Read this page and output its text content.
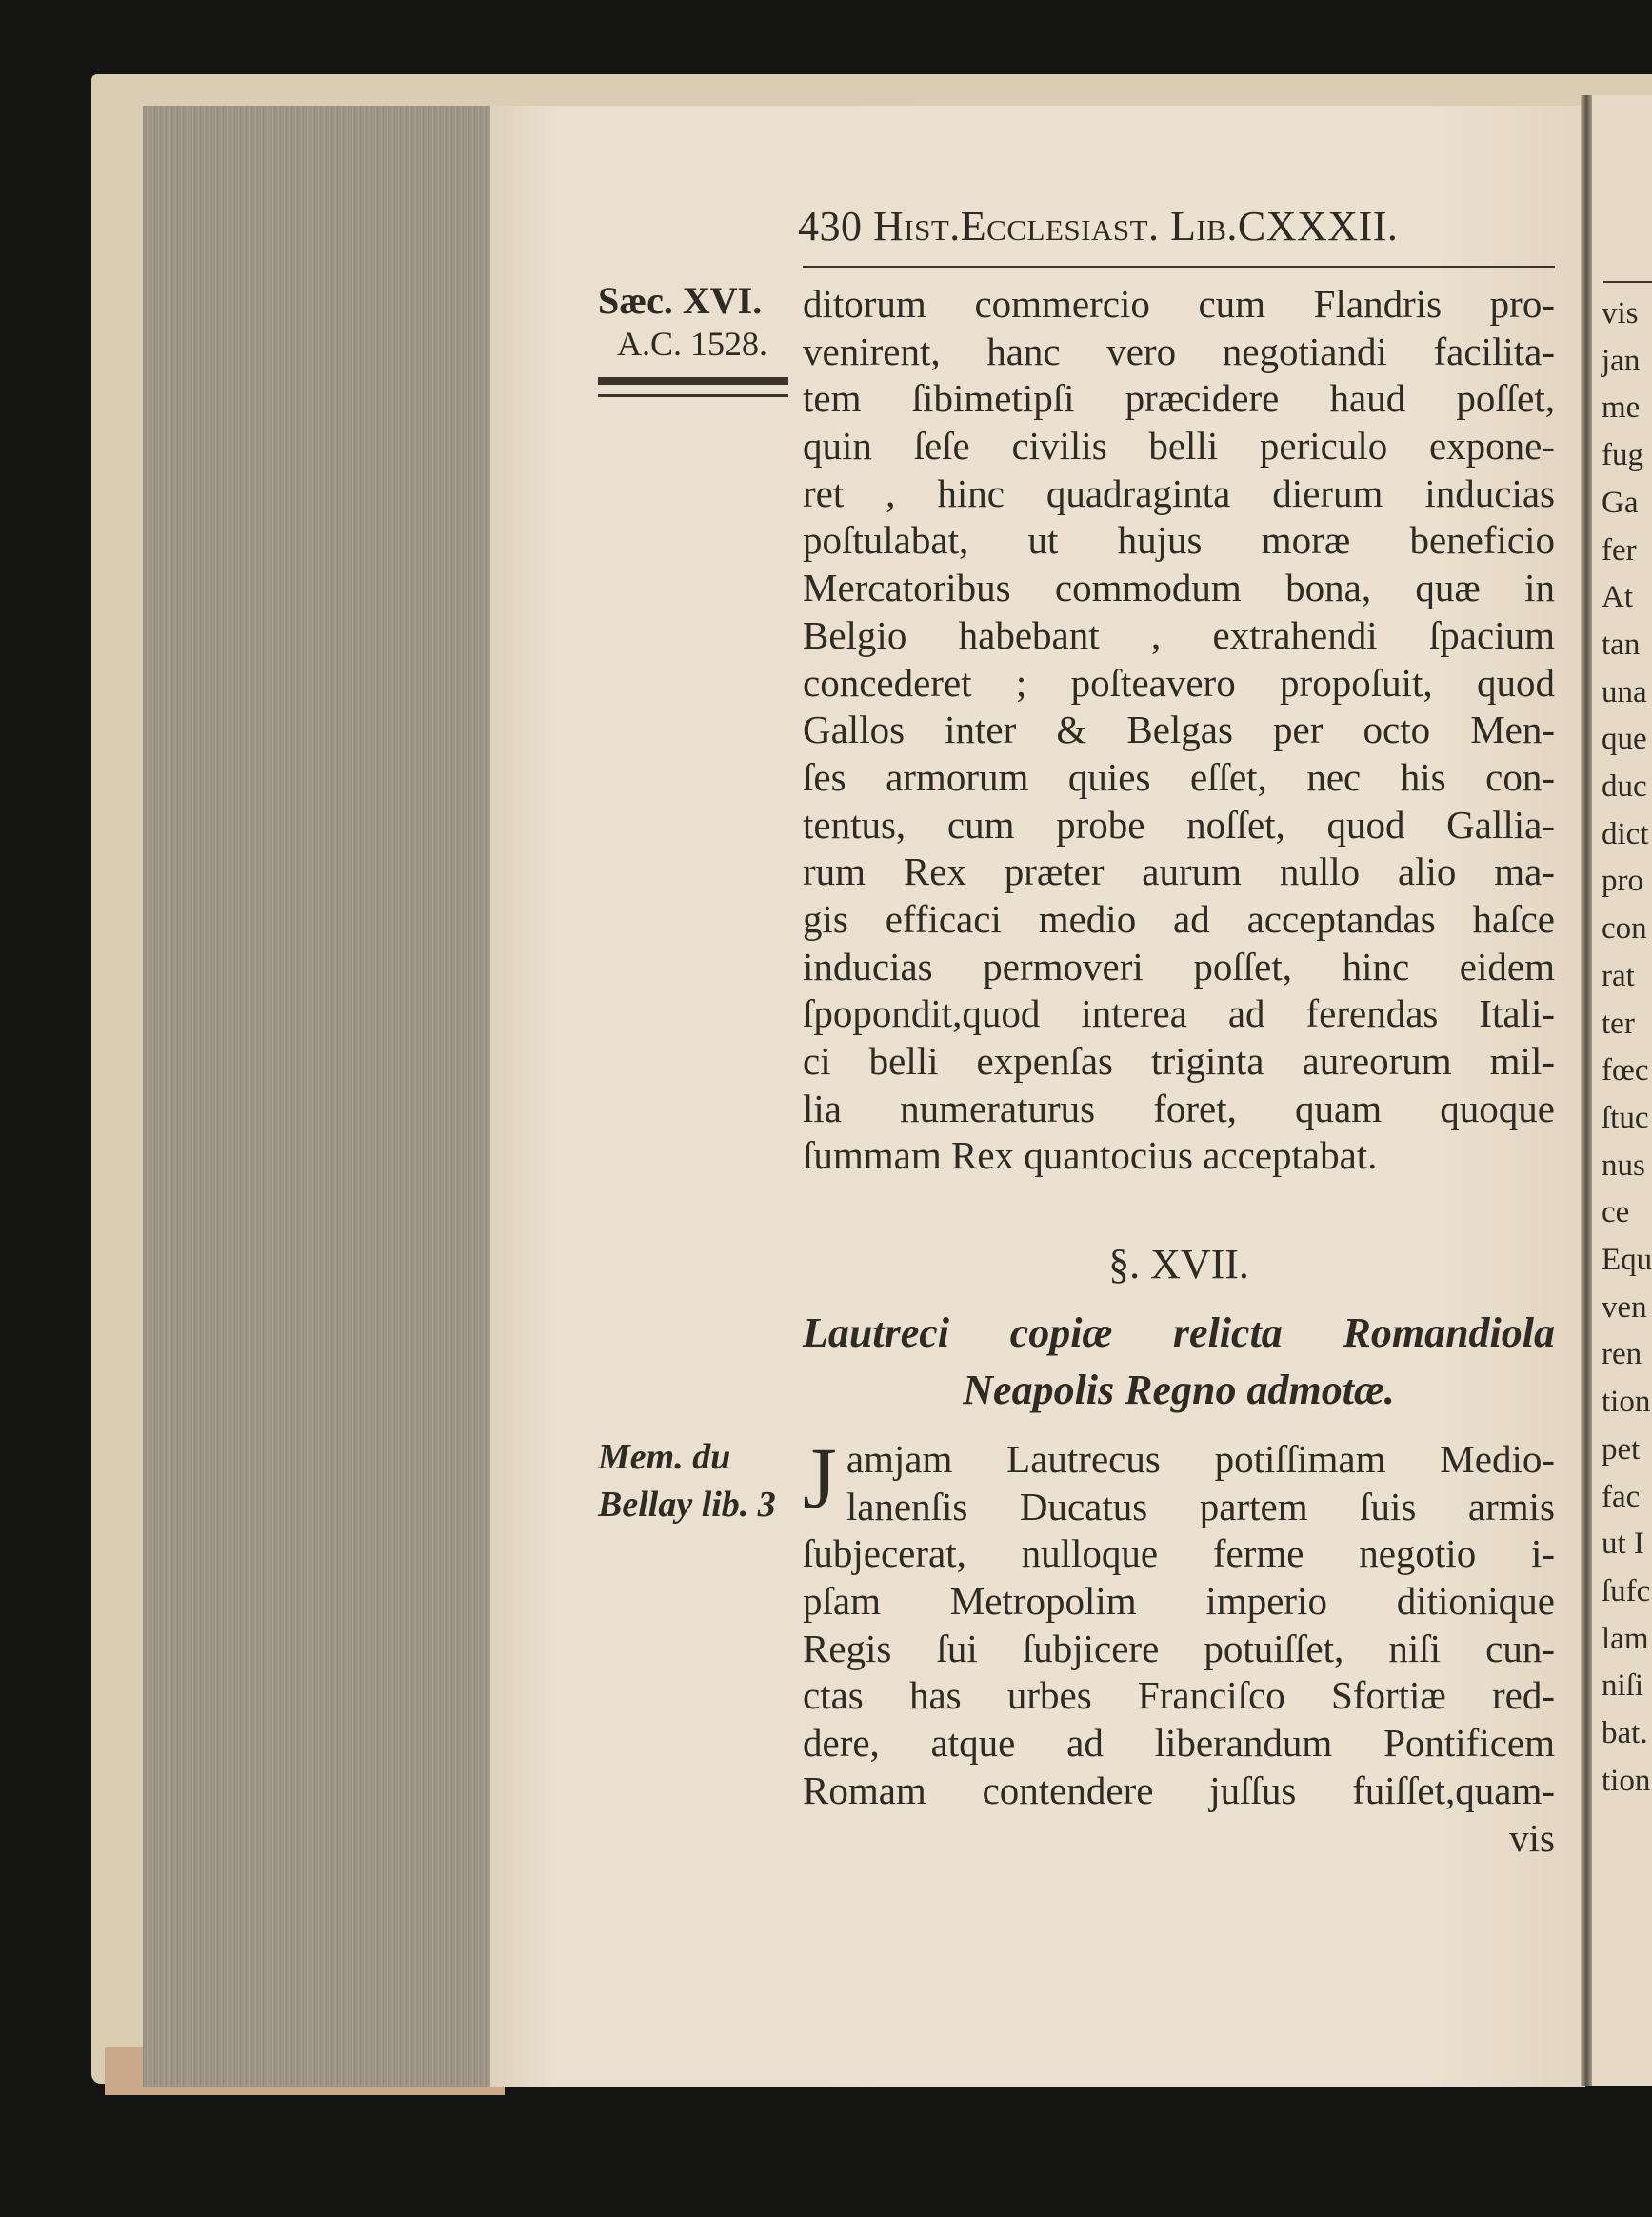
vis
jan
me
fug
Ga
fer
At
tan
una
que
duc
dict
pro
con
rat
ter
fœc
ſtuc
nus
ce
Equ
ven
ren
tion
pet
fac
ut I
ſufc
lam
niſi
bat.
tion
430 Hist.Ecclesiast. Lib.CXXXII.
Sæc. XVI.
A.C. 1528.
ditorum commercio cum Flandris pro-
venirent, hanc vero negotiandi facilita-
tem ſibimetipſi præcidere haud poſſet,
quin ſeſe civilis belli periculo expone-
ret , hinc quadraginta dierum inducias
poſtulabat, ut hujus moræ beneficio
Mercatoribus commodum bona, quæ in
Belgio habebant , extrahendi ſpacium
concederet ; poſteavero propoſuit, quod
Gallos inter & Belgas per octo Men-
ſes armorum quies eſſet, nec his con-
tentus, cum probe noſſet, quod Gallia-
rum Rex præter aurum nullo alio ma-
gis efficaci medio ad acceptandas haſce
inducias permoveri poſſet, hinc eidem
ſpopondit,quod interea ad ferendas Itali-
ci belli expenſas triginta aureorum mil-
lia numeraturus foret, quam quoque
ſummam Rex quantocius acceptabat.
§. XVII.
Lautreci copiæ relicta Romandiola
Neapolis Regno admotæ.
Mem. du
Bellay lib. 3 J amjam Lautrecus potiſſimam Medio-
lanenſis Ducatus partem ſuis armis
ſubjecerat, nulloque ferme negotio i-
pſam Metropolim imperio ditionique
Regis ſui ſubjicere potuiſſet, niſi cun-
ctas has urbes Franciſco Sfortiæ red-
dere, atque ad liberandum Pontificem
Romam contendere juſſus fuiſſet,quam-
vis
